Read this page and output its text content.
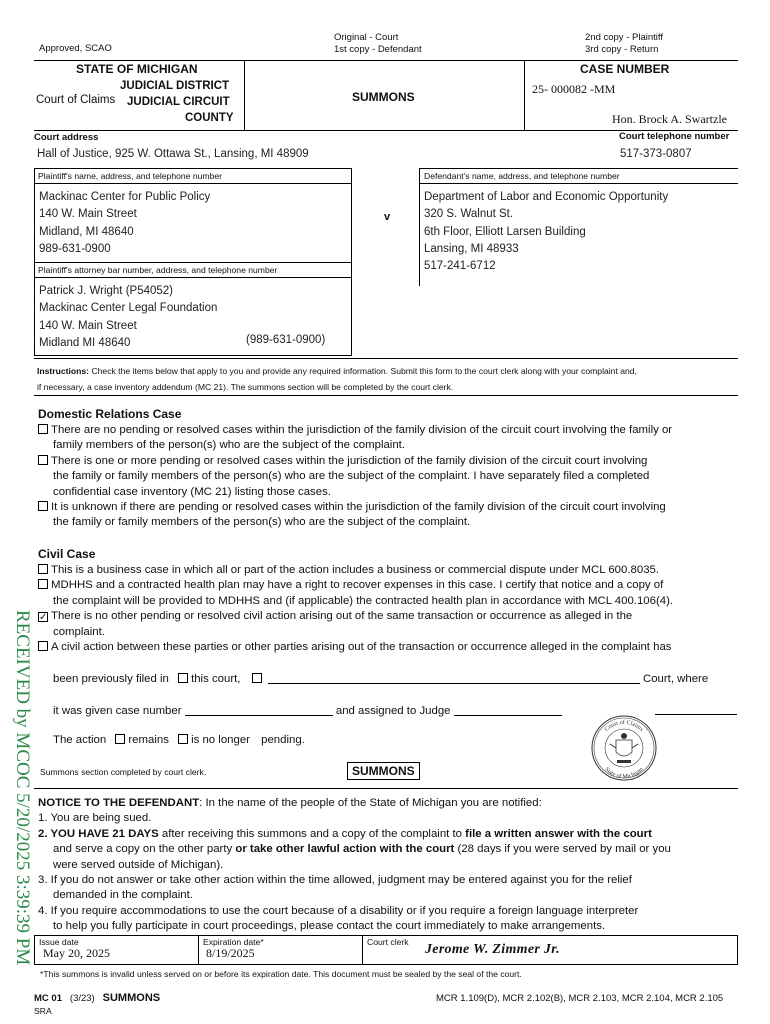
Approved, SCAO
Original - Court
1st copy - Defendant
2nd copy - Plaintiff
3rd copy - Return
STATE OF MICHIGAN
JUDICIAL DISTRICT
Court of Claims JUDICIAL CIRCUIT
COUNTY
SUMMONS
CASE NUMBER
25- 000082 -MM
Hon. Brock A. Swartzle
Court address	Court telephone number
Hall of Justice, 925 W. Ottawa St., Lansing, MI 48909	517-373-0807
Plaintiff's name, address, and telephone number
Mackinac Center for Public Policy
140 W. Main Street
Midland, MI 48640
989-631-0900
Plaintiff's attorney bar number, address, and telephone number
Patrick J. Wright (P54052)
Mackinac Center Legal Foundation
140 W. Main Street
Midland MI 48640	(989-631-0900)
v
Defendant's name, address, and telephone number
Department of Labor and Economic Opportunity
320 S. Walnut St.
6th Floor, Elliott Larsen Building
Lansing, MI 48933
517-241-6712
Instructions: Check the items below that apply to you and provide any required information. Submit this form to the court clerk along with your complaint and,
if necessary, a case inventory addendum (MC 21). The summons section will be completed by the court clerk.
Domestic Relations Case
There are no pending or resolved cases within the jurisdiction of the family division of the circuit court involving the family or
family members of the person(s) who are the subject of the complaint.
There is one or more pending or resolved cases within the jurisdiction of the family division of the circuit court involving
the family or family members of the person(s) who are the subject of the complaint. I have separately filed a completed
confidential case inventory (MC 21) listing those cases.
It is unknown if there are pending or resolved cases within the jurisdiction of the family division of the circuit court involving
the family or family members of the person(s) who are the subject of the complaint.
Civil Case
This is a business case in which all or part of the action includes a business or commercial dispute under MCL 600.8035.
MDHHS and a contracted health plan may have a right to recover expenses in this case. I certify that notice and a copy of
the complaint will be provided to MDHHS and (if applicable) the contracted health plan in accordance with MCL 400.106(4).
✓ There is no other pending or resolved civil action arising out of the same transaction or occurrence as alleged in the
complaint.
A civil action between these parties or other parties arising out of the transaction or occurrence alleged in the complaint has
been previously filed in this court,	Court, where
it was given case number	and assigned to Judge
The action remains is no longer pending.
Court of Claims
State of Michigan
Summons section completed by court clerk.	SUMMONS
RECEIVED by MCOC 5/20/2025 3:39:39 PM NOTICE TO THE DEFENDANT: In the name of the people of the State of Michigan you are notified:
1. You are being sued.
2. YOU HAVE 21 DAYS after receiving this summons and a copy of the complaint to file a written answer with the court
and serve a copy on the other party or take other lawful action with the court (28 days if you were served by mail or you
were served outside of Michigan).
3. If you do not answer or take other action within the time allowed, judgment may be entered against you for the relief
demanded in the complaint.
4. If you require accommodations to use the court because of a disability or if you require a foreign language interpreter
to help you fully participate in court proceedings, please contact the court immediately to make arrangements.
Issue date
May 20, 2025
Expiration date*
8/19/2025
Court clerk Jerome W. Zimmer Jr.
*This summons is invalid unless served on or before its expiration date. This document must be sealed by the seal of the court.
MC 01 (3/23) SUMMONS
SRA
MCR 1.109(D), MCR 2.102(B), MCR 2.103, MCR 2.104, MCR 2.105
